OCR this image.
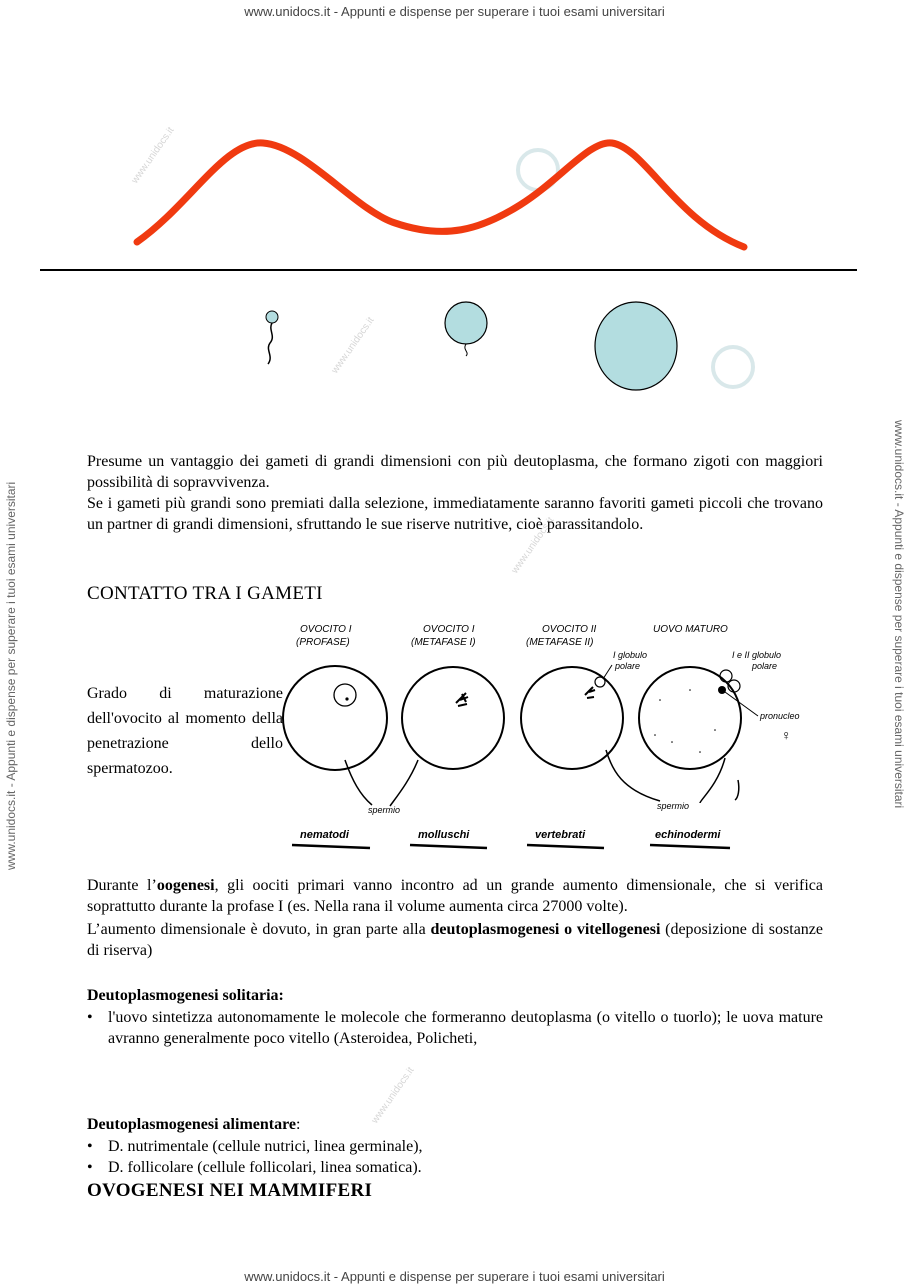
www.unidocs.it - Appunti e dispense per superare i tuoi esami universitari
www.unidocs.it - Appunti e dispense per superare i tuoi esami universitari
www.unidocs.it - Appunti e dispense per superare i tuoi esami universitari	www.unidocs.it - Appunti e dispense per superare i tuoi esami universitari
www.unidocs.it
www.unidocs.it
www.unidocs.it
www.unidocs.it

Presume un vantaggio dei gameti di grandi dimensioni con più deutoplasma, che formano zigoti con maggiori possibilità di sopravvivenza.

Se i gameti più grandi sono premiati dalla selezione, immediatamente saranno favoriti gameti piccoli che trovano un partner di grandi dimensioni, sfruttando le sue riserve nutritive, cioè parassitandolo.

CONTATTO TRA I GAMETI

Grado di maturazione dell'ovocito al momento della penetrazione dello spermatozoo.

OVOCITO I
(PROFASE)
OVOCITO I
(METAFASE I)
OVOCITO II
(METAFASE II)
UOVO MATURO
I globulo
polare
I e II globulo
polare
pronucleo
♀
spermio	spermio
nematodi	molluschi	vertebrati	echinodermi

Durante l’oogenesi, gli oociti primari vanno incontro ad un grande aumento dimensionale, che si verifica soprattutto durante la profase I (es. Nella rana il volume aumenta circa 27000 volte).

L’aumento dimensionale è dovuto, in gran parte alla deutoplasmogenesi o vitellogenesi (deposizione di sostanze di riserva)

Deutoplasmogenesi solitaria:

• l'uovo sintetizza autonomamente le molecole che formeranno deutoplasma (o vitello o tuorlo); le uova mature avranno generalmente poco vitello (Asteroidea, Policheti,

Deutoplasmogenesi alimentare:

• D. nutrimentale (cellule nutrici, linea germinale),
• D. follicolare (cellule follicolari, linea somatica).
OVOGENESI NEI MAMMIFERI
